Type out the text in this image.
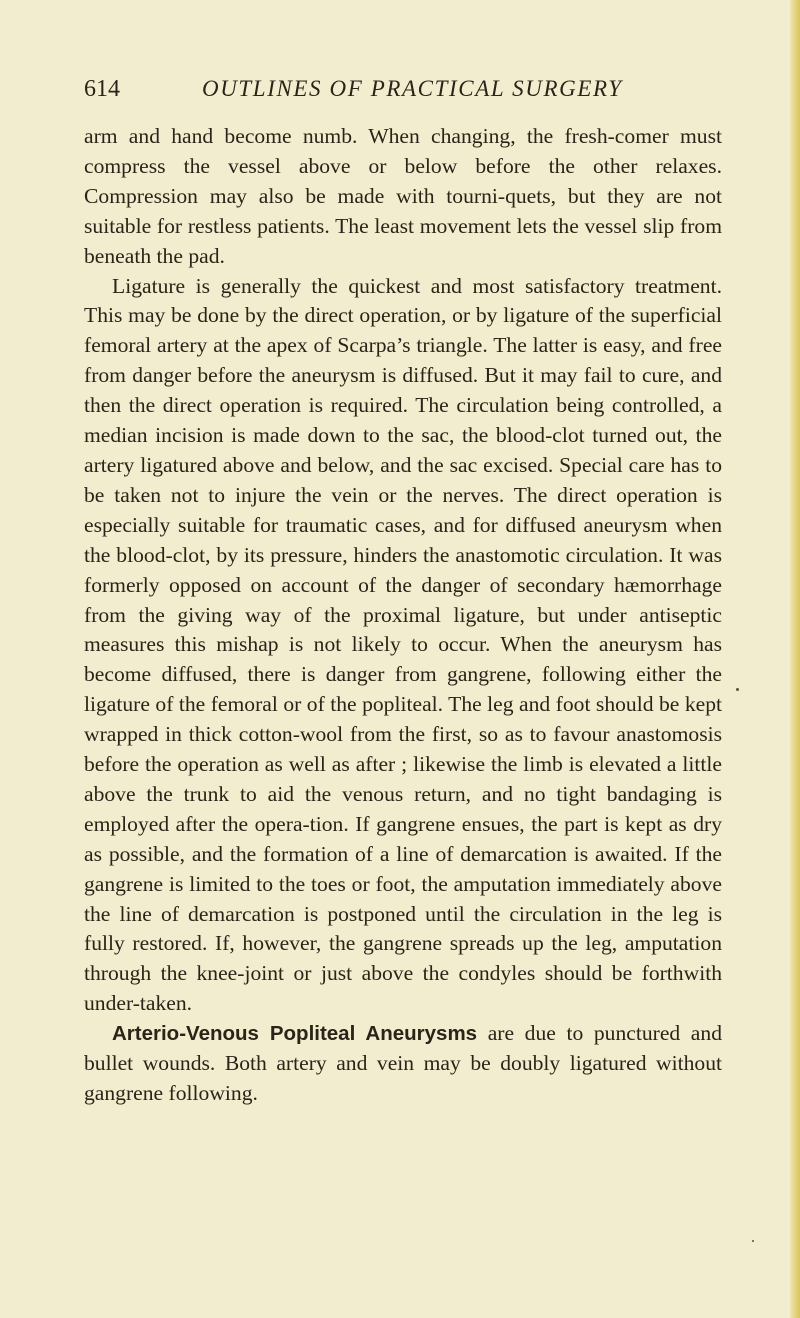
614	OUTLINES OF PRACTICAL SURGERY

arm and hand become numb. When changing, the fresh-comer must compress the vessel above or below before the other relaxes. Compression may also be made with tourni-quets, but they are not suitable for restless patients. The least movement lets the vessel slip from beneath the pad.

Ligature is generally the quickest and most satisfactory treatment. This may be done by the direct operation, or by ligature of the superficial femoral artery at the apex of Scarpa’s triangle. The latter is easy, and free from danger before the aneurysm is diffused. But it may fail to cure, and then the direct operation is required. The circulation being controlled, a median incision is made down to the sac, the blood-clot turned out, the artery ligatured above and below, and the sac excised. Special care has to be taken not to injure the vein or the nerves. The direct operation is especially suitable for traumatic cases, and for diffused aneurysm when the blood-clot, by its pressure, hinders the anastomotic circulation. It was formerly opposed on account of the danger of secondary hæmorrhage from the giving way of the proximal ligature, but under antiseptic measures this mishap is not likely to occur. When the aneurysm has become diffused, there is danger from gangrene, following either the ligature of the femoral or of the popliteal. The leg and foot should be kept wrapped in thick cotton-wool from the first, so as to favour anastomosis before the operation as well as after ; likewise the limb is elevated a little above the trunk to aid the venous return, and no tight bandaging is employed after the opera-tion. If gangrene ensues, the part is kept as dry as possible, and the formation of a line of demarcation is awaited. If the gangrene is limited to the toes or foot, the amputation immediately above the line of demarcation is postponed until the circulation in the leg is fully restored. If, however, the gangrene spreads up the leg, amputation through the knee-joint or just above the condyles should be forthwith under-taken.

Arterio-Venous Popliteal Aneurysms are due to punctured and bullet wounds. Both artery and vein may be doubly ligatured without gangrene following.
